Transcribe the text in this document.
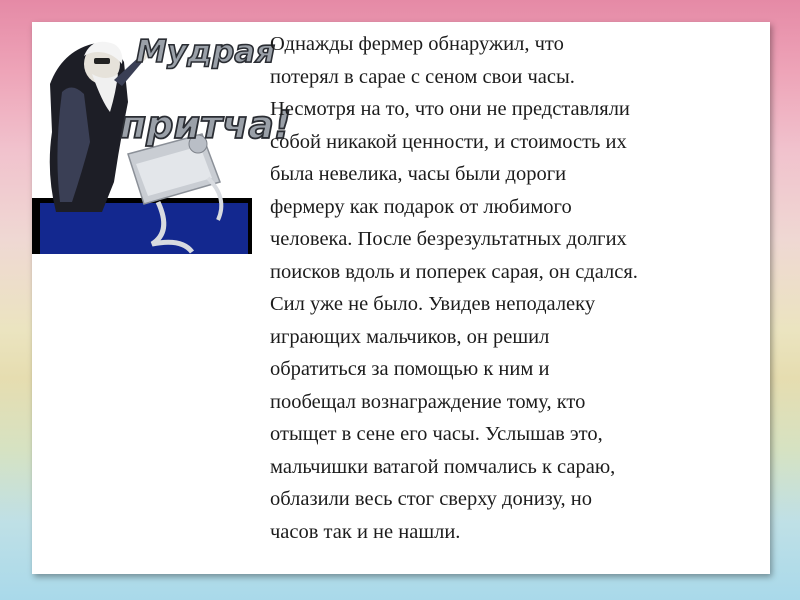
Мудрая
притча!
Однажды фермер обнаружил, что
потерял в сарае с сеном свои часы.
Несмотря на то, что они не представляли
собой никакой ценности, и стоимость их
была невелика, часы были дороги
фермеру как подарок от любимого
человека. После безрезультатных долгих
поисков вдоль и поперек сарая, он сдался.
Сил уже не было. Увидев неподалеку
играющих мальчиков, он решил
обратиться за помощью к ним и
пообещал вознаграждение тому, кто
отыщет в сене его часы. Услышав это,
мальчишки ватагой помчались к сараю,
облазили весь стог сверху донизу, но
часов так и не нашли.
